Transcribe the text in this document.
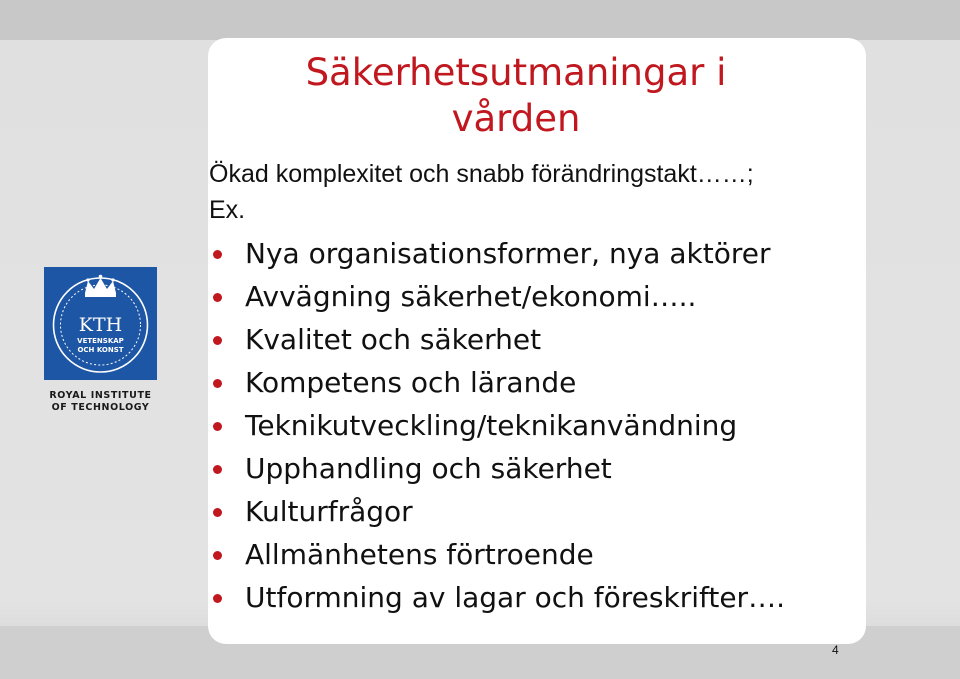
Säkerhetsutmaningar i vården
Ökad komplexitet och snabb förändringstakt……;
Ex.
Nya organisationsformer, nya aktörer
Avvägning säkerhet/ekonomi…..
Kvalitet och säkerhet
Kompetens och lärande
Teknikutveckling/teknikanvändning
Upphandling och säkerhet
Kulturfrågor
Allmänhetens förtroende
Utformning av lagar och föreskrifter….
KTH
VETENSKAP
OCH KONST
ROYAL INSTITUTE
OF TECHNOLOGY
4
